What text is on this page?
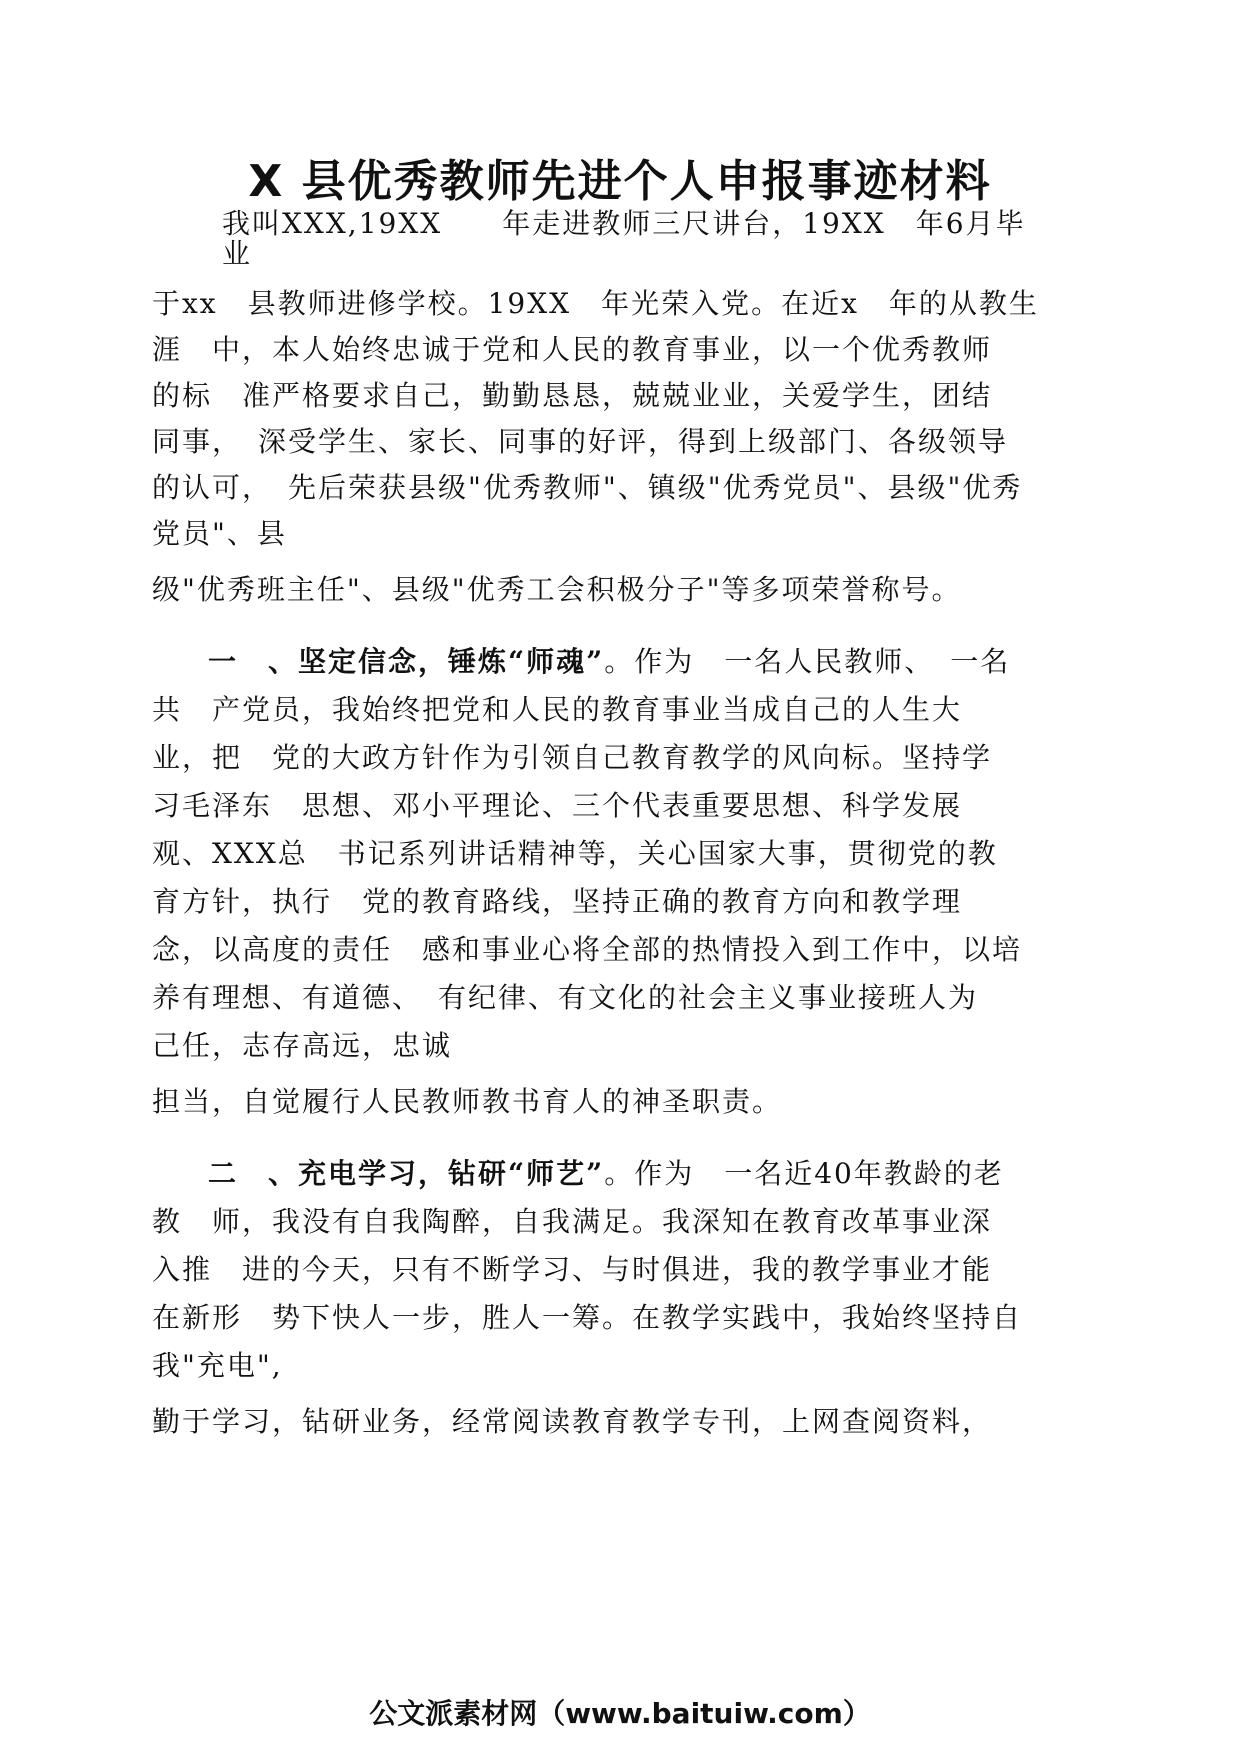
X 县优秀教师先进个人申报事迹材料

我叫XXX,19XX　　年走进教师三尺讲台，19XX　年6月毕

业

于xx　县教师进修学校。19XX　年光荣入党。在近x　年的从教生

涯　中，本人始终忠诚于党和人民的教育事业，以一个优秀教师

的标　准严格要求自己，勤勤恳恳，兢兢业业，关爱学生，团结

同事，　深受学生、家长、同事的好评，得到上级部门、各级领导

的认可，　先后荣获县级"优秀教师"、镇级"优秀党员"、县级"优秀

党员"、县

级"优秀班主任"、县级"优秀工会积极分子"等多项荣誉称号。

一　、坚定信念，锤炼“师魂”。作为　一名人民教师、　一名

共　产党员，我始终把党和人民的教育事业当成自己的人生大

业，把　党的大政方针作为引领自己教育教学的风向标。坚持学

习毛泽东　思想、邓小平理论、三个代表重要思想、科学发展

观、XXX总　书记系列讲话精神等，关心国家大事，贯彻党的教

育方针，执行　党的教育路线，坚持正确的教育方向和教学理

念，以高度的责任　感和事业心将全部的热情投入到工作中，以培

养有理想、有道德、　有纪律、有文化的社会主义事业接班人为

己任，志存高远，忠诚

担当，自觉履行人民教师教书育人的神圣职责。

二　、充电学习，钻研“师艺”。作为　一名近40年教龄的老

教　师，我没有自我陶醉，自我满足。我深知在教育改革事业深

入推　进的今天，只有不断学习、与时俱进，我的教学事业才能

在新形　势下快人一步，胜人一筹。在教学实践中，我始终坚持自

我"充电",

勤于学习，钻研业务，经常阅读教育教学专刊，上网查阅资料，

公文派素材网（www.baituiw.com）
